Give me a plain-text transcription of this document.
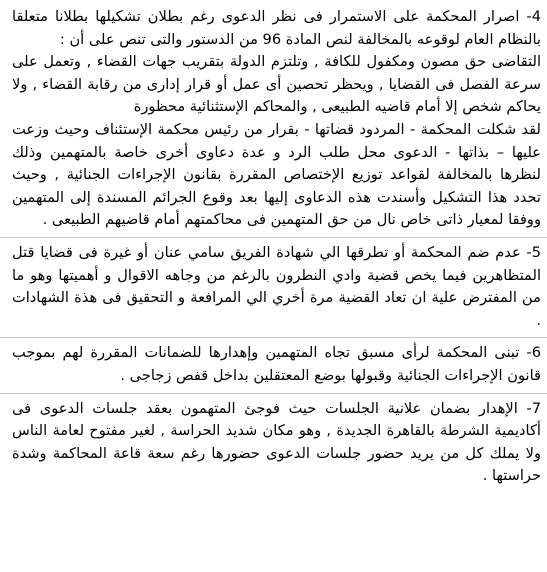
4- اصرار المحكمة على الاستمرار فى نظر الدعوى رغم بطلان تشكيلها بطلانا متعلقا بالنظام العام لوقوعه بالمخالفة لنص المادة 96 من الدستور والتى تنص على أن :

التقاضى حق مصون ومكفول للكافة , وتلتزم الدولة بتقريب جهات القضاء , وتعمل على سرعة الفصل فى القضايا , ويحظر تحصين أى عمل أو قرار إدارى من رقابة القضاء , ولا يحاكم شخص إلا أمام قاضيه الطبيعى , والمحاكم الإستثنائية محظورة

لقد شكلت المحكمة - المردود قضاتها - بقرار من رئيس محكمة الإستئناف وحيث وزعت عليها – بذاتها - الدعوى محل طلب الرد و عدة دعاوى أخرى خاصة بالمتهمين وذلك لنظرها بالمخالفة لقواعد توزيع الإختصاص المقررة بقانون الإجراءات الجنائية , وحيث تحدد هذا التشكيل وأسندت هذه الدعاوى إليها بعد وقوع الجرائم المسندة إلى المتهمين ووفقا لمعيار ذاتى خاص نال من حق المتهمين فى محاكمتهم أمام قاضيهم الطبيعى .

5- عدم ضم المحكمة أو تطرقها الي شهادة الفريق سامي عنان أو غيرة فى قضايا قتل المتظاهرين فيما يخص قضية وادي النطرون بالرغم من وجاهه الاقوال و أهميتها وهو ما من المفترض علية ان تعاد القضية مرة أخري الي المرافعة و التحقيق فى هذة الشهادات .

6- تبنى المحكمة لرأى مسبق تجاه المتهمين وإهدارها للضمانات المقررة لهم بموجب قانون الإجراءات الجنائية وقبولها بوضع المعتقلين بداخل قفص زجاجى .

7- الإهدار بضمان علانية الجلسات حيث فوجئ المتهمون بعقد جلسات الدعوى فى أكاديمية الشرطة بالقاهرة الجديدة , وهو مكان شديد الحراسة , لغير مفتوح لعامة الناس ولا يملك كل من يريد حضور جلسات الدعوى حضورها رغم سعة قاعة المحاكمة وشدة حراستها .
